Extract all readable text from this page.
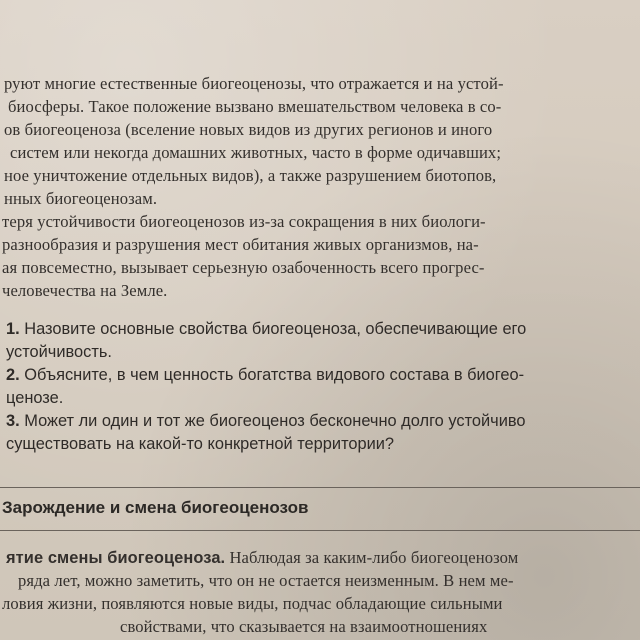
руют многие естественные биогеоценозы, что отражается и на устой-
биосферы. Такое положение вызвано вмешательством человека в со-
ов биогеоценоза (вселение новых видов из других регионов и иного
систем или некогда домашних животных, часто в форме одичавших;
ное уничтожение отдельных видов), а также разрушением биотопов,
нных биогеоценозам.
теря устойчивости биогеоценозов из-за сокращения в них биологи-
разнообразия и разрушения мест обитания живых организмов, на-
ая повсеместно, вызывает серьезную озабоченность всего прогрес-
человечества на Земле.
1. Назовите основные свойства биогеоценоза, обеспечивающие его
устойчивость.
2. Объясните, в чем ценность богатства видового состава в биогео-
ценозе.
3. Может ли один и тот же биогеоценоз бесконечно долго устойчиво
существовать на какой-то конкретной территории?
Зарождение и смена биогеоценозов
ятие смены биогеоценоза. Наблюдая за каким-либо биогеоценозом
ряда лет, можно заметить, что он не остается неизменным. В нем ме-
ловия жизни, появляются новые виды, подчас обладающие сильными
свойствами, что сказывается на взаимоотношениях
